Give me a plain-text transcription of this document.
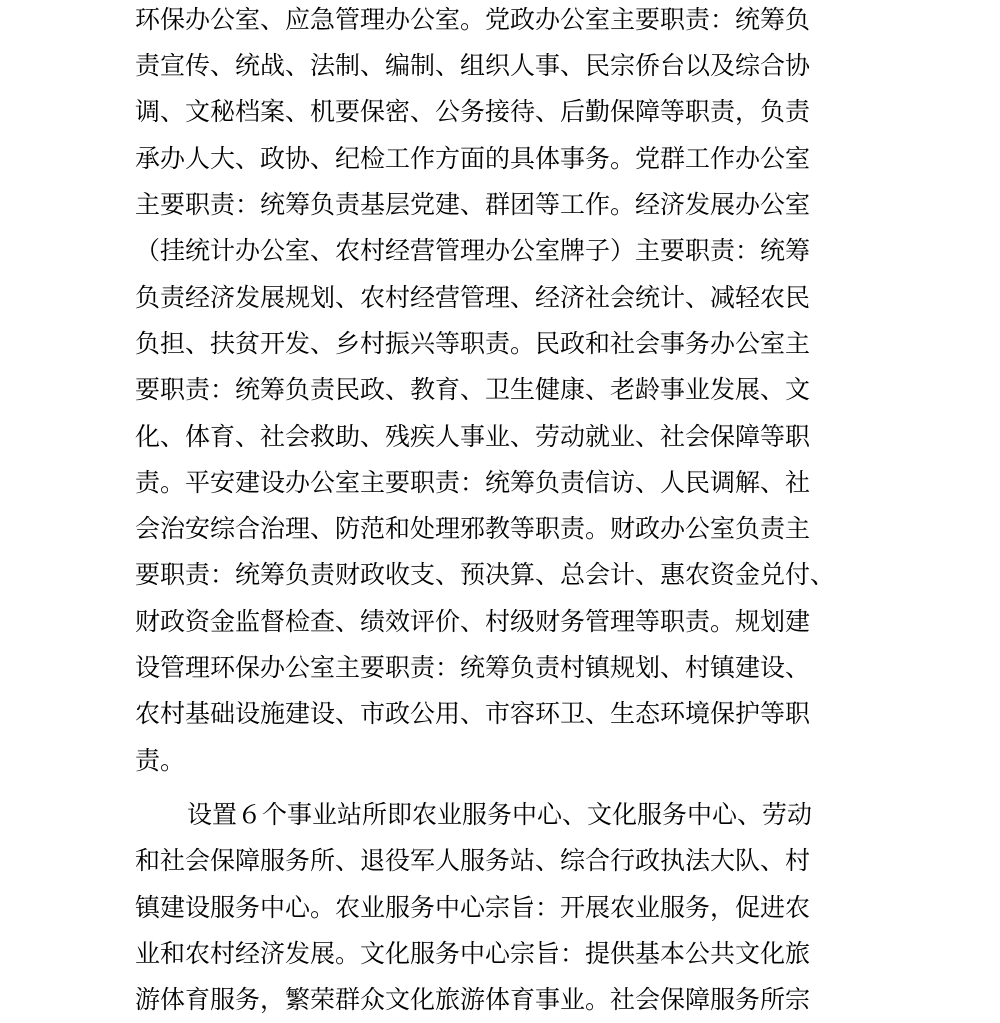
环保办公室、应急管理办公室。党政办公室主要职责：统筹负
责宣传、统战、法制、编制、组织人事、民宗侨台以及综合协
调、文秘档案、机要保密、公务接待、后勤保障等职责，负责
承办人大、政协、纪检工作方面的具体事务。党群工作办公室
主要职责：统筹负责基层党建、群团等工作。经济发展办公室
（挂统计办公室、农村经营管理办公室牌子）主要职责：统筹
负责经济发展规划、农村经营管理、经济社会统计、减轻农民
负担、扶贫开发、乡村振兴等职责。民政和社会事务办公室主
要职责：统筹负责民政、教育、卫生健康、老龄事业发展、文
化、体育、社会救助、残疾人事业、劳动就业、社会保障等职
责。平安建设办公室主要职责：统筹负责信访、人民调解、社
会治安综合治理、防范和处理邪教等职责。财政办公室负责主
要职责：统筹负责财政收支、预决算、总会计、惠农资金兑付、
财政资金监督检查、绩效评价、村级财务管理等职责。规划建
设管理环保办公室主要职责：统筹负责村镇规划、村镇建设、
农村基础设施建设、市政公用、市容环卫、生态环境保护等职
责。
设置６个事业站所即农业服务中心、文化服务中心、劳动
和社会保障服务所、退役军人服务站、综合行政执法大队、村
镇建设服务中心。农业服务中心宗旨：开展农业服务，促进农
业和农村经济发展。文化服务中心宗旨：提供基本公共文化旅
游体育服务，繁荣群众文化旅游体育事业。社会保障服务所宗
